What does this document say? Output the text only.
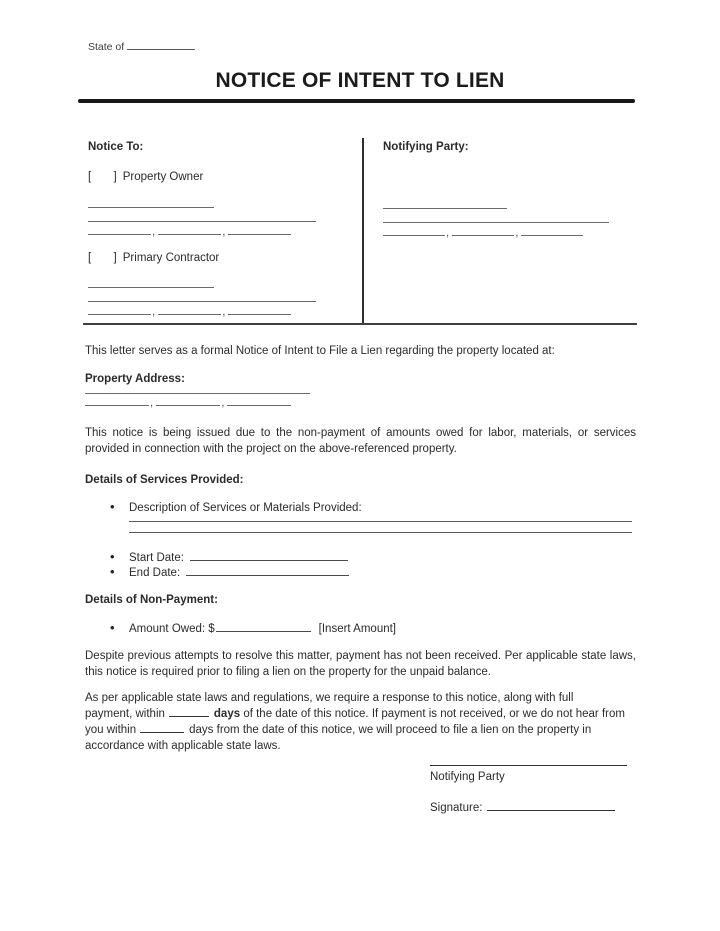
State of
NOTICE OF INTENT TO LIEN
Notice To:
[       ] Property Owner
,	,
[       ] Primary Contractor
,	,
Notifying Party:
,	,

This letter serves as a formal Notice of Intent to File a Lien regarding the property located at:

Property Address:
,	,

This notice is being issued due to the non-payment of amounts owed for labor, materials, or services provided in connection with the project on the above-referenced property.

Details of Services Provided:
• Description of Services or Materials Provided:
• Start Date:
• End Date:
Details of Non-Payment:
• Amount Owed: $	[Insert Amount]

Despite previous attempts to resolve this matter, payment has not been received. Per applicable state laws, this notice is required prior to filing a lien on the property for the unpaid balance.

As per applicable state laws and regulations, we require a response to this notice, along with full
payment, within	days of the date of this notice. If payment is not received, or we do not hear from
you within	days from the date of this notice, we will proceed to file a lien on the property in
accordance with applicable state laws.
Notifying Party
Signature:
